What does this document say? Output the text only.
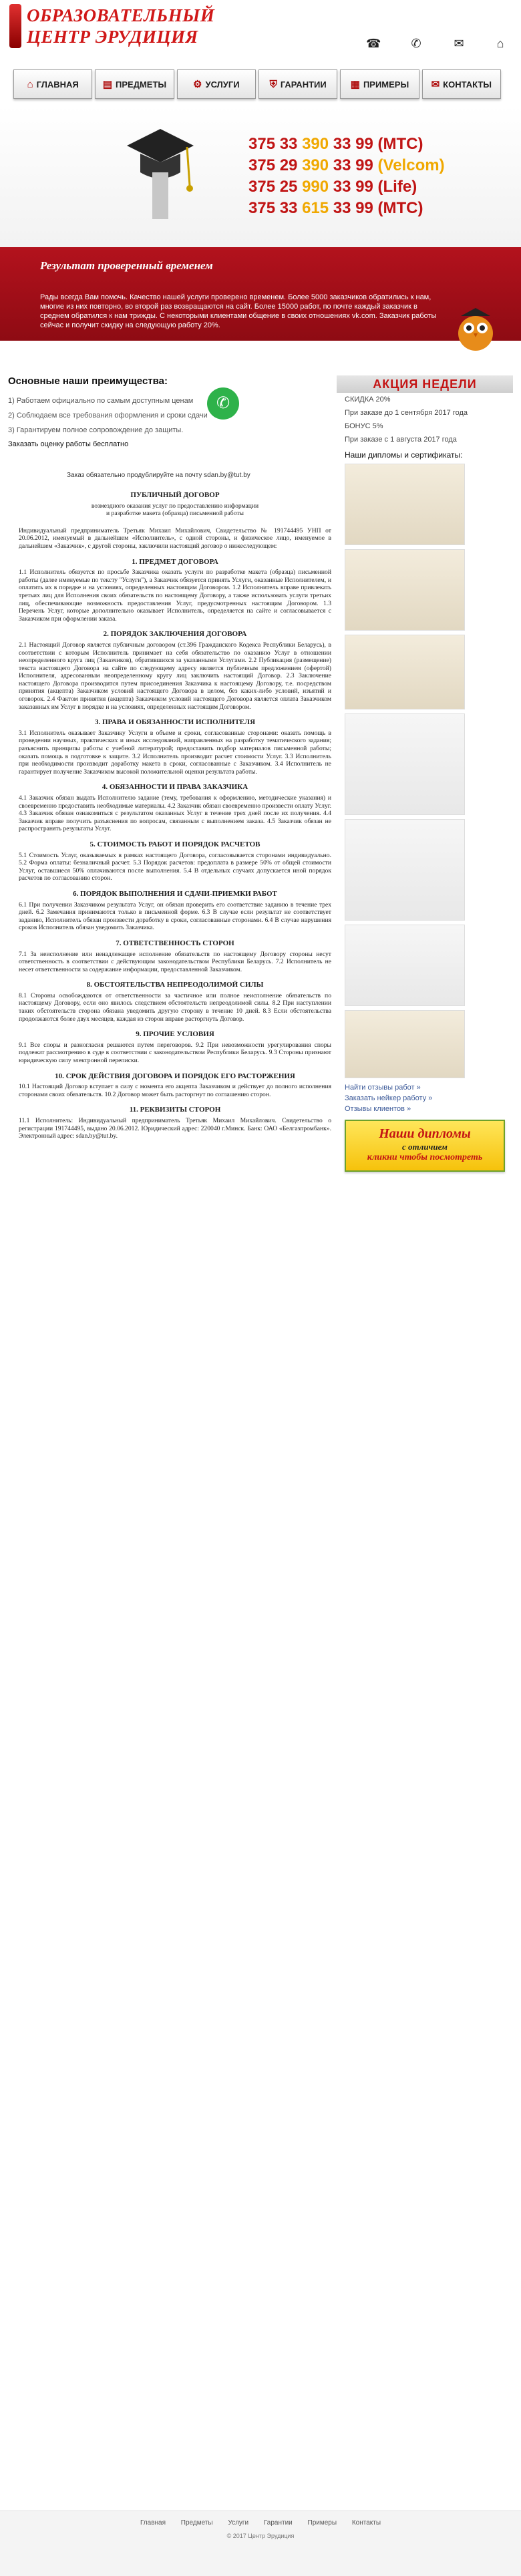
ОБРАЗОВАТЕЛЬНЫЙ
ЦЕНТР ЭРУДИЦИЯ	☎	✆	✉	⌂
⌂ ГЛАВНАЯ ▤ ПРЕДМЕТЫ	⚙ УСЛУГИ	⛨ ГАРАНТИИ ▦ ПРИМЕРЫ ✉ КОНТАКТЫ
375 33 390 33 99 (МТС)
375 29 390 33 99 (Velcom)
375 25 990 33 99 (Life)
375 33 615 33 99 (МТС)
Результат проверенный временем
Рады всегда Вам помочь. Качество нашей услуги проверено временем. Более 5000 заказчиков обратились к нам, многие из них повторно, во второй раз возвращаются на сайт. Более 15000 работ, по почте каждый заказчик в среднем обратился к нам трижды. С некоторыми клиентами общение в своих отношениях vk.com. Заказчик работы сейчас и получит скидку на следующую работу 20%.
Основные наши преимущества:
1) Работаем официально по самым доступным ценам
2) Соблюдаем все требования оформления и сроки сдачи
3) Гарантируем полное сопровождение до защиты.
Заказать оценку работы бесплатно
✆
Заказ обязательно продублируйте на почту sdan.by@tut.by
ПУБЛИЧНЫЙ ДОГОВОР
возмездного оказания услуг по предоставлению информации
и разработке макета (образца) письменной работы

Индивидуальный предприниматель Третьяк Михаил Михайлович, Свидетельство № 191744495 УНП от 20.06.2012, именуемый в дальнейшем «Исполнитель», с одной стороны, и физическое лицо, именуемое в дальнейшем «Заказчик», с другой стороны, заключили настоящий договор о нижеследующем:

1. ПРЕДМЕТ ДОГОВОРА

1.1 Исполнитель обязуется по просьбе Заказчика оказать услуги по разработке макета (образца) письменной работы (далее именуемые по тексту "Услуги"), а Заказчик обязуется принять Услуги, оказанные Исполнителем, и оплатить их в порядке и на условиях, определенных настоящим Договором. 1.2 Исполнитель вправе привлекать третьих лиц для Исполнения своих обязательств по настоящему Договору, а также использовать услуги третьих лиц, обеспечивающие возможность предоставления Услуг, предусмотренных настоящим Договором. 1.3 Перечень Услуг, которые дополнительно оказывает Исполнитель, определяется на сайте и согласовывается с Заказчиком при оформлении заказа.

2. ПОРЯДОК ЗАКЛЮЧЕНИЯ ДОГОВОРА

2.1 Настоящий Договор является публичным договором (ст.396 Гражданского Кодекса Республики Беларусь), в соответствии с которым Исполнитель принимает на себя обязательство по оказанию Услуг в отношении неопределенного круга лиц (Заказчиков), обратившихся за указанными Услугами. 2.2 Публикация (размещение) текста настоящего Договора на сайте по следующему адресу является публичным предложением (офертой) Исполнителя, адресованным неопределенному кругу лиц заключить настоящий Договор. 2.3 Заключение настоящего Договора производится путем присоединения Заказчика к настоящему Договору, т.е. посредством принятия (акцепта) Заказчиком условий настоящего Договора в целом, без каких-либо условий, изъятий и оговорок. 2.4 Фактом принятия (акцепта) Заказчиком условий настоящего Договора является оплата Заказчиком заказанных им Услуг в порядке и на условиях, определенных настоящим Договором.

3. ПРАВА И ОБЯЗАННОСТИ ИСПОЛНИТЕЛЯ

3.1 Исполнитель оказывает Заказчику Услуги в объеме и сроки, согласованные сторонами: оказать помощь в проведении научных, практических и иных исследований, направленных на разработку тематического задания; разъяснить принципы работы с учебной литературой; предоставить подбор материалов письменной работы; оказать помощь в подготовке к защите. 3.2 Исполнитель производит расчет стоимости Услуг. 3.3 Исполнитель при необходимости производит доработку макета в сроки, согласованные с Заказчиком. 3.4 Исполнитель не гарантирует получение Заказчиком высокой положительной оценки результата работы.

4. ОБЯЗАННОСТИ И ПРАВА ЗАКАЗЧИКА

4.1 Заказчик обязан выдать Исполнителю задание (тему, требования к оформлению, методические указания) и своевременно предоставить необходимые материалы. 4.2 Заказчик обязан своевременно произвести оплату Услуг. 4.3 Заказчик обязан ознакомиться с результатом оказанных Услуг в течение трех дней после их получения. 4.4 Заказчик вправе получить разъяснения по вопросам, связанным с выполнением заказа. 4.5 Заказчик обязан не распространять результаты Услуг.

5. СТОИМОСТЬ РАБОТ И ПОРЯДОК РАСЧЕТОВ

5.1 Стоимость Услуг, оказываемых в рамках настоящего Договора, согласовывается сторонами индивидуально. 5.2 Форма оплаты: безналичный расчет. 5.3 Порядок расчетов: предоплата в размере 50% от общей стоимости Услуг, оставшиеся 50% оплачиваются после выполнения. 5.4 В отдельных случаях допускается иной порядок расчетов по согласованию сторон.

6. ПОРЯДОК ВЫПОЛНЕНИЯ И СДАЧИ-ПРИЕМКИ РАБОТ

6.1 При получении Заказчиком результата Услуг, он обязан проверить его соответствие заданию в течение трех дней. 6.2 Замечания принимаются только в письменной форме. 6.3 В случае если результат не соответствует заданию, Исполнитель обязан произвести доработку в сроки, согласованные сторонами. 6.4 В случае нарушения сроков Исполнитель обязан уведомить Заказчика.

7. ОТВЕТСТВЕННОСТЬ СТОРОН

7.1 За неисполнение или ненадлежащее исполнение обязательств по настоящему Договору стороны несут ответственность в соответствии с действующим законодательством Республики Беларусь. 7.2 Исполнитель не несет ответственности за содержание информации, предоставленной Заказчиком.

8. ОБСТОЯТЕЛЬСТВА НЕПРЕОДОЛИМОЙ СИЛЫ

8.1 Стороны освобождаются от ответственности за частичное или полное неисполнение обязательств по настоящему Договору, если оно явилось следствием обстоятельств непреодолимой силы. 8.2 При наступлении таких обстоятельств сторона обязана уведомить другую сторону в течение 10 дней. 8.3 Если обстоятельства продолжаются более двух месяцев, каждая из сторон вправе расторгнуть Договор.

9. ПРОЧИЕ УСЛОВИЯ

9.1 Все споры и разногласия решаются путем переговоров. 9.2 При невозможности урегулирования споры подлежат рассмотрению в суде в соответствии с законодательством Республики Беларусь. 9.3 Стороны признают юридическую силу электронной переписки.

10. СРОК ДЕЙСТВИЯ ДОГОВОРА И ПОРЯДОК ЕГО РАСТОРЖЕНИЯ

10.1 Настоящий Договор вступает в силу с момента его акцепта Заказчиком и действует до полного исполнения сторонами своих обязательств. 10.2 Договор может быть расторгнут по соглашению сторон.

11. РЕКВИЗИТЫ СТОРОН

11.1 Исполнитель: Индивидуальный предприниматель Третьяк Михаил Михайлович. Свидетельство о регистрации 191744495, выдано 20.06.2012. Юридический адрес: 220040 г.Минск. Банк: ОАО «Белгазпромбанк». Электронный адрес: sdan.by@tut.by.

АКЦИЯ НЕДЕЛИ
СКИДКА 20%
При заказе до 1 сентября 2017 года
БОНУС 5%
При заказе с 1 августа 2017 года
Наши дипломы и сертификаты:
Найти отзывы работ »
Заказать нейкер работу »
Отзывы клиентов »
Наши дипломы
с отличием
кликни чтобы посмотреть
Главная Предметы Услуги Гарантии Примеры Контакты
© 2017 Центр Эрудиция
